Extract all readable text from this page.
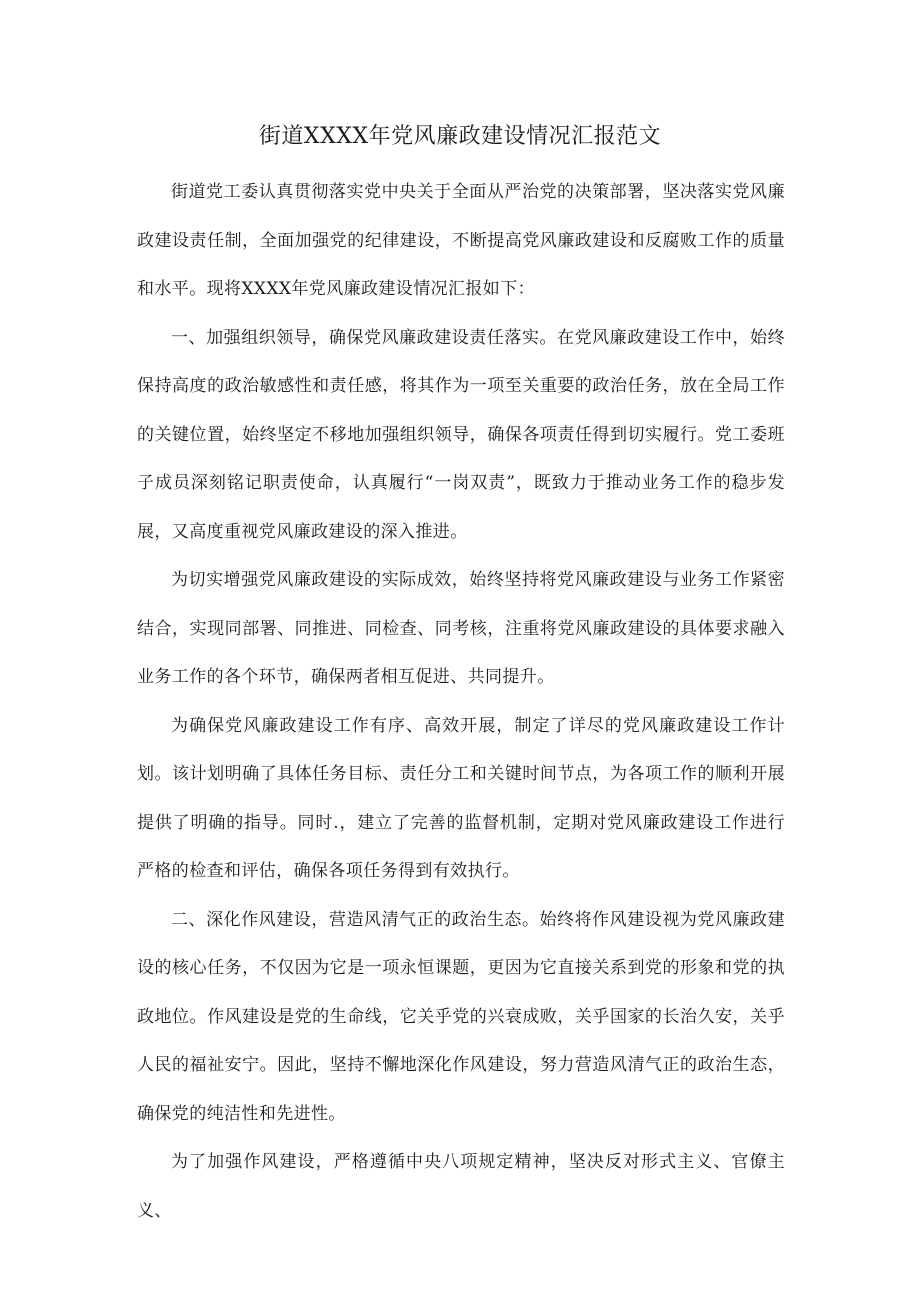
街道XXXX年党风廉政建设情况汇报范文

街道党工委认真贯彻落实党中央关于全面从严治党的决策部署，坚决落实党风廉政建设责任制，全面加强党的纪律建设，不断提高党风廉政建设和反腐败工作的质量和水平。现将XXXX年党风廉政建设情况汇报如下：

一、加强组织领导，确保党风廉政建设责任落实。在党风廉政建设工作中，始终保持高度的政治敏感性和责任感，将其作为一项至关重要的政治任务，放在全局工作的关键位置，始终坚定不移地加强组织领导，确保各项责任得到切实履行。党工委班子成员深刻铭记职责使命，认真履行“一岗双责”，既致力于推动业务工作的稳步发展，又高度重视党风廉政建设的深入推进。

为切实增强党风廉政建设的实际成效，始终坚持将党风廉政建设与业务工作紧密结合，实现同部署、同推进、同检查、同考核，注重将党风廉政建设的具体要求融入业务工作的各个环节，确保两者相互促进、共同提升。

为确保党风廉政建设工作有序、高效开展，制定了详尽的党风廉政建设工作计划。该计划明确了具体任务目标、责任分工和关键时间节点，为各项工作的顺利开展提供了明确的指导。同时.，建立了完善的监督机制，定期对党风廉政建设工作进行严格的检查和评估，确保各项任务得到有效执行。

二、深化作风建设，营造风清气正的政治生态。始终将作风建设视为党风廉政建设的核心任务，不仅因为它是一项永恒课题，更因为它直接关系到党的形象和党的执政地位。作风建设是党的生命线，它关乎党的兴衰成败，关乎国家的长治久安，关乎人民的福祉安宁。因此，坚持不懈地深化作风建设，努力营造风清气正的政治生态，确保党的纯洁性和先进性。

为了加强作风建设，严格遵循中央八项规定精神，坚决反对形式主义、官僚主义、
